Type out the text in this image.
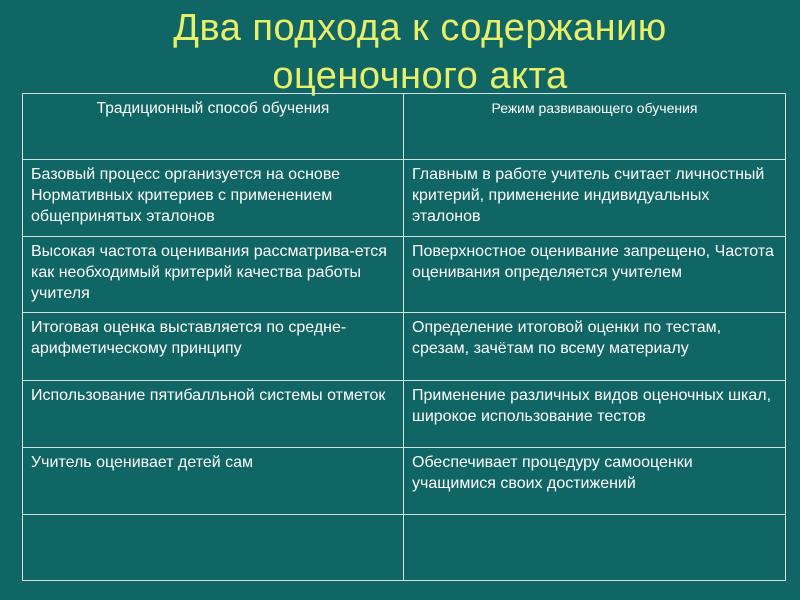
Два подхода к содержанию
оценочного акта
Традиционный способ обучения	Режим развивающего обучения
Базовый процесс организуется на основе Нормативных критериев с применением общепринятых эталонов	Главным в работе учитель считает личностный критерий, применение индивидуальных эталонов
Высокая частота оценивания рассматрива-ется как необходимый критерий качества работы учителя	Поверхностное оценивание запрещено, Частота оценивания определяется учителем
Итоговая оценка выставляется по средне-арифметическому принципу	Определение итоговой оценки по тестам, срезам, зачётам по всему материалу
Использование пятибалльной системы отметок	Применение различных видов оценочных шкал, широкое использование тестов
Учитель оценивает детей сам	Обеспечивает процедуру самооценки учащимися своих достижений
